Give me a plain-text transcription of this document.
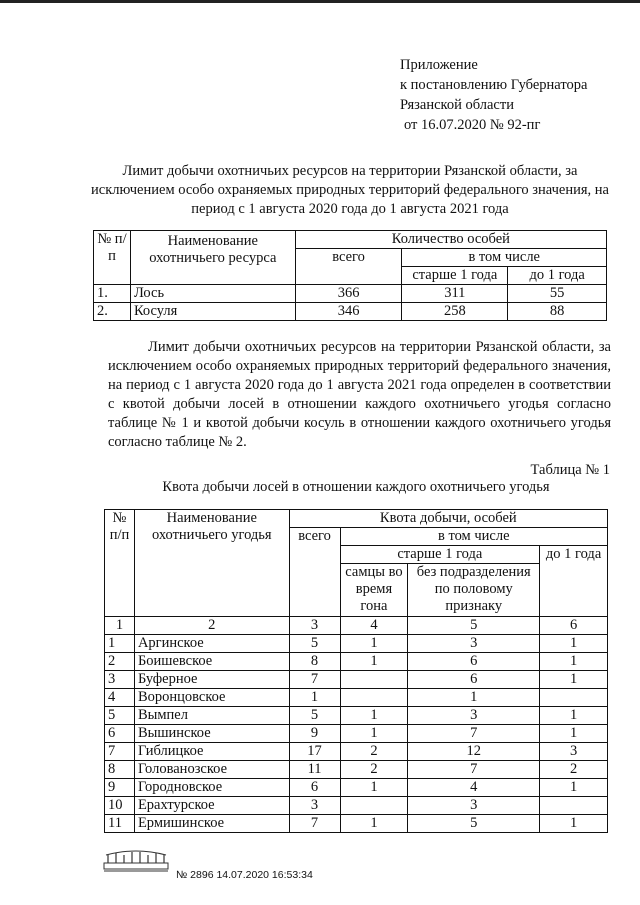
Приложение
к постановлению Губернатора
Рязанской области
от 16.07.2020 № 92-пг
Лимит добычи охотничьих ресурсов на территории Рязанской области, за исключением особо охраняемых природных территорий федерального значения, на период с 1 августа 2020 года до 1 августа 2021 года
№ п/п	Наименование охотничьего ресурса	Количество особей		
		всего	в том числе	
			старше 1 года	до 1 года
1.	Лось	366	311	55
2.	Косуля	346	258	88
Лимит добычи охотничьих ресурсов на территории Рязанской области, за исключением особо охраняемых природных территорий федерального значения, на период с 1 августа 2020 года до 1 августа 2021 года определен в соответствии с квотой добычи лосей в отношении каждого охотничьего угодья согласно таблице № 1 и квотой добычи косуль в отношении каждого охотничьего угодья согласно таблице № 2.
Таблица № 1
Квота добычи лосей в отношении каждого охотничьего угодья
№ п/п	Наименование охотничьего угодья	Квота добычи, особей			
		всего	в том числе		
			старше 1 года		до 1 года
			самцы во время гона	без подразделения по половому признаку	
1	2	3	4	5	6
1	Аргинское	5	1	3	1
2	Боишевское	8	1	6	1
3	Буферное	7		6	1
4	Воронцовское	1		1	
5	Вымпел	5	1	3	1
6	Вышинское	9	1	7	1
7	Гиблицкое	17	2	12	3
8	Голованозское	11	2	7	2
9	Городновское	6	1	4	1
10	Ерахтурское	3		3	
11	Ермишинское	7	1	5	1
№ 2896 14.07.2020 16:53:34
